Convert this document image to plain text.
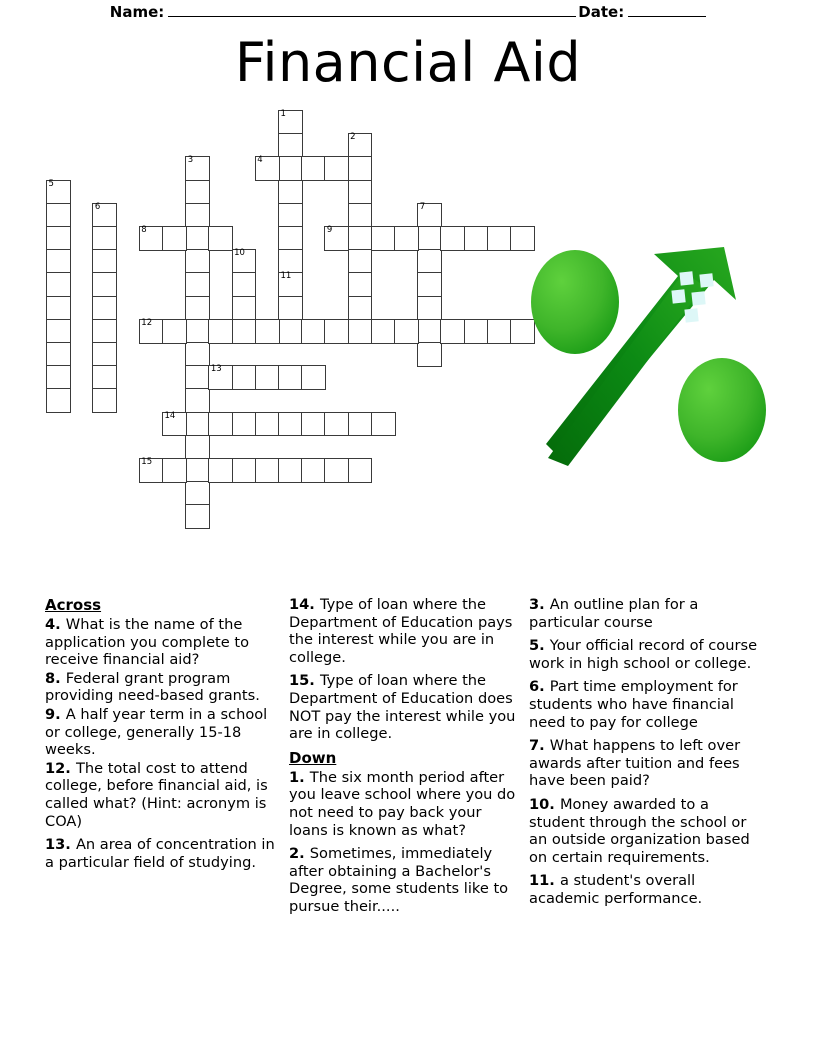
Name:	Date:
Financial Aid
1
2
3	4
5
6	7
8	9
10
11
12
13
14
15
Across

4. What is the name of the application you complete to receive financial aid?

8. Federal grant program providing need-based grants.

9. A half year term in a school or college, generally 15-18 weeks.

12. The total cost to attend college, before financial aid, is called what? (Hint: acronym is COA)

13. An area of concentration in a particular field of studying.

14. Type of loan where the Department of Education pays the interest while you are in college.

15. Type of loan where the Department of Education does NOT pay the interest while you are in college.

Down

1. The six month period after you leave school where you do not need to pay back your loans is known as what?

2. Sometimes, immediately after obtaining a Bachelor's Degree, some students like to pursue their.....

3. An outline plan for a particular course

5. Your official record of course work in high school or college.

6. Part time employment for students who have financial need to pay for college

7. What happens to left over awards after tuition and fees have been paid?

10. Money awarded to a student through the school or an outside organization based on certain requirements.

11. a student's overall academic performance.
